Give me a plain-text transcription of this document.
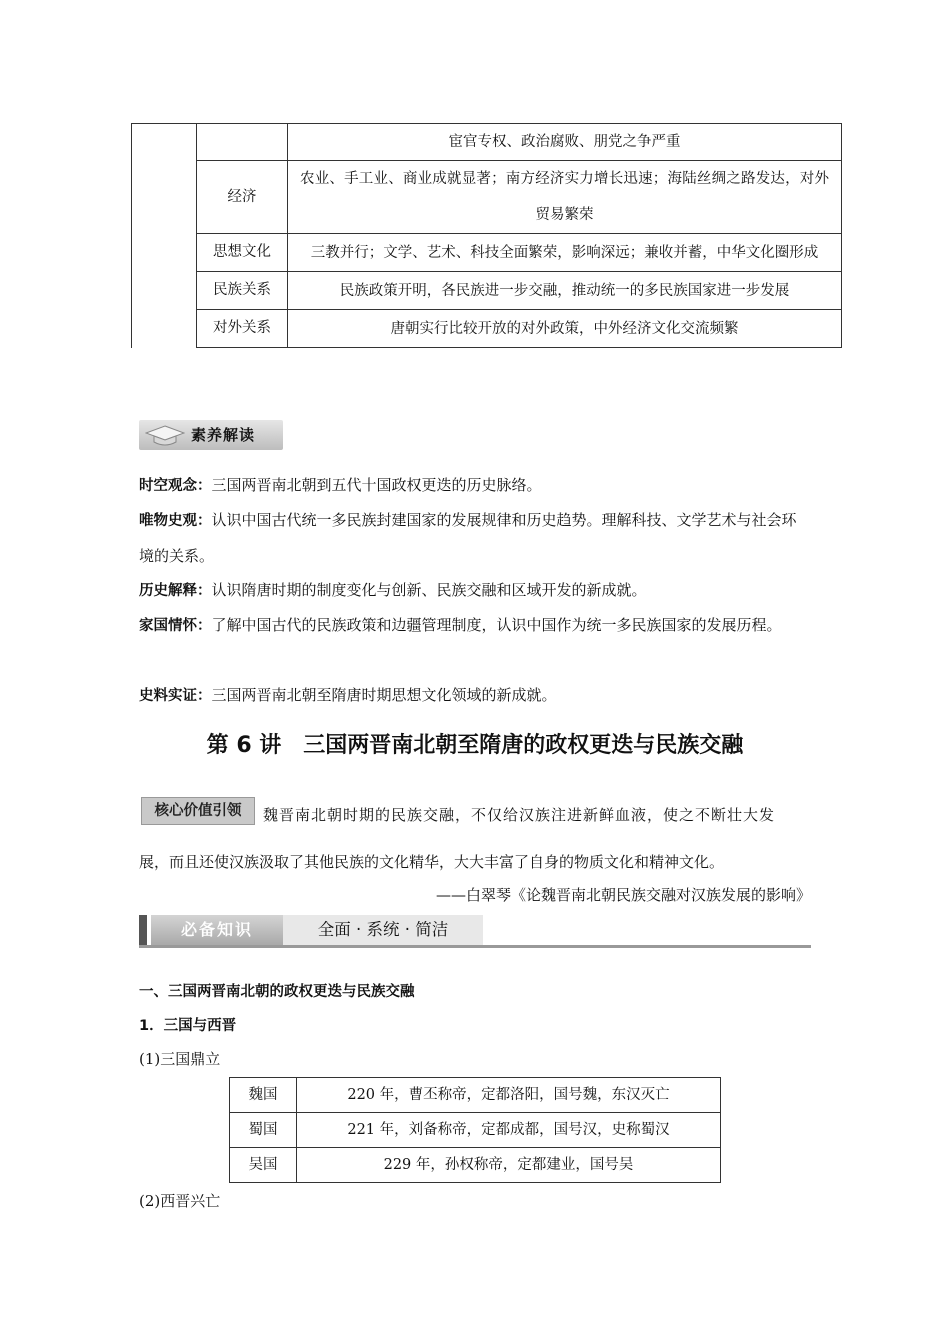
		宦官专权、政治腐败、朋党之争严重
	经济	农业、手工业、商业成就显著；南方经济实力增长迅速；海陆丝绸之路发达，对外贸易繁荣
	思想文化	三教并行；文学、艺术、科技全面繁荣，影响深远；兼收并蓄，中华文化圈形成
	民族关系	民族政策开明，各民族进一步交融，推动统一的多民族国家进一步发展
	对外关系	唐朝实行比较开放的对外政策，中外经济文化交流频繁
素养解读
时空观念：三国两晋南北朝到五代十国政权更迭的历史脉络。
唯物史观：认识中国古代统一多民族封建国家的发展规律和历史趋势。理解科技、文学艺术与社会环境的关系。
历史解释：认识隋唐时期的制度变化与创新、民族交融和区域开发的新成就。
家国情怀：了解中国古代的民族政策和边疆管理制度，认识中国作为统一多民族国家的发展历程。
史料实证：三国两晋南北朝至隋唐时期思想文化领域的新成就。
第 6 讲　三国两晋南北朝至隋唐的政权更迭与民族交融
核心价值引领	魏晋南北朝时期的民族交融，不仅给汉族注进新鲜血液，使之不断壮大发
展，而且还使汉族汲取了其他民族的文化精华，大大丰富了自身的物质文化和精神文化。
——白翠琴《论魏晋南北朝民族交融对汉族发展的影响》
必备知识	全面 · 系统 · 简洁
一、三国两晋南北朝的政权更迭与民族交融
1．三国与西晋
(1)三国鼎立
魏国	220 年，曹丕称帝，定都洛阳，国号魏，东汉灭亡
蜀国	221 年，刘备称帝，定都成都，国号汉，史称蜀汉
吴国	229 年，孙权称帝，定都建业，国号吴
(2)西晋兴亡
